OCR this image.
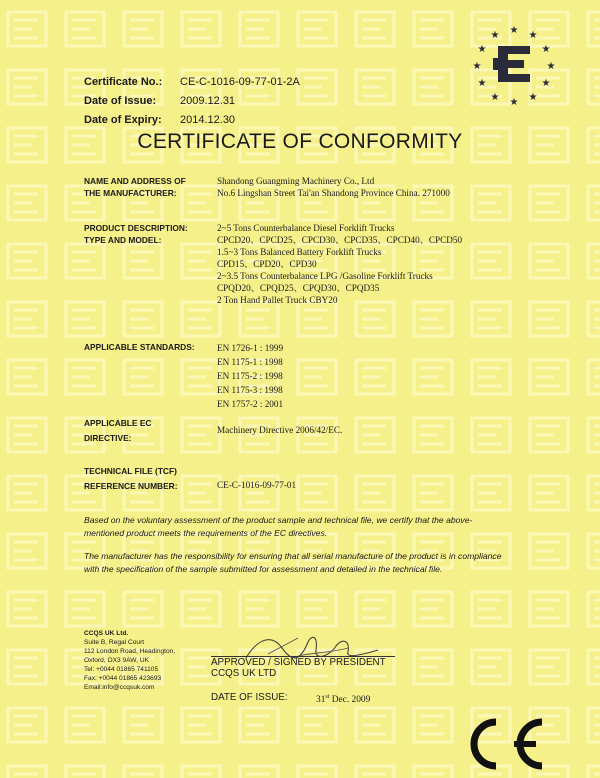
Certificate No.: CE-C-1016-09-77-01-2A
Date of Issue: 2009.12.31
Date of Expiry: 2014.12.30
★ ★
★
★
★
★
★
★
★
★
★
★
CERTIFICATE OF CONFORMITY
NAME AND ADDRESS OF
THE MANUFACTURER:
Shandong Guangming Machinery Co., Ltd
No.6 Lingshan Street Tai'an Shandong Province China. 271000
PRODUCT DESCRIPTION:
TYPE AND MODEL:
2~5 Tons Counterbalance Diesel Forklift Trucks
CPCD20、CPCD25、CPCD30、CPCD35、CPCD40、CPCD50
1.5~3 Tons Balanced Battery Forklift Trucks
CPD15、CPD20、CPD30
2~3.5 Tons Counterbalance LPG /Gasoline Forklift Trucks
CPQD20、CPQD25、CPQD30、CPQD35
2 Ton Hand Pallet Truck CBY20
APPLICABLE STANDARDS: EN 1726-1 : 1999
EN 1175-1 : 1998
EN 1175-2 : 1998
EN 1175-3 : 1998
EN 1757-2 : 2001
APPLICABLE EC
DIRECTIVE:
Machinery Directive 2006/42/EC.
TECHNICAL FILE (TCF)
REFERENCE NUMBER:	CE-C-1016-09-77-01
Based on the voluntary assessment of the product sample and technical file, we certify that the above-mentioned product meets the requirements of the EC directives.
The manufacturer has the responsibility for ensuring that all serial manufacture of the product is in compliance with the specification of the sample submitted for assessment and detailed in the technical file.
CCQS UK Ltd.
Suite B, Regal Court
112 London Road, Headington,
Oxford, OX3 9AW, UK
Tel: +0044 01865 741105
Fax: +0044 01865 423693
Email:info@ccqsuk.com
APPROVED / SIGNED BY PRESIDENT
CCQS UK LTD
DATE OF ISSUE:	31st Dec. 2009
